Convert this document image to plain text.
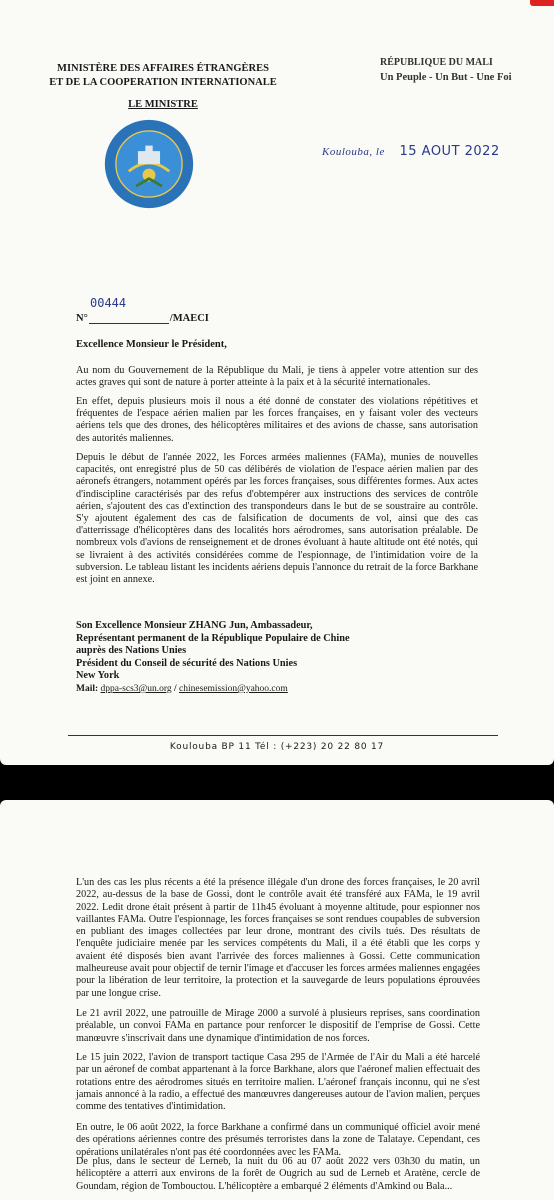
MINISTÈRE DES AFFAIRES ÉTRANGÈRES
ET DE LA COOPERATION INTERNATIONALE
LE MINISTRE
RÉPUBLIQUE DU MALI
Un Peuple - Un But - Une Foi
Koulouba, le 15 AOUT 2022
00444
N°	/MAECI
Excellence Monsieur le Président,
Au nom du Gouvernement de la République du Mali, je tiens à appeler votre attention sur des actes graves qui sont de nature à porter atteinte à la paix et à la sécurité internationales.
En effet, depuis plusieurs mois il nous a été donné de constater des violations répétitives et fréquentes de l'espace aérien malien par les forces françaises, en y faisant voler des vecteurs aériens tels que des drones, des hélicoptères militaires et des avions de chasse, sans autorisation des autorités maliennes.
Depuis le début de l'année 2022, les Forces armées maliennes (FAMa), munies de nouvelles capacités, ont enregistré plus de 50 cas délibérés de violation de l'espace aérien malien par des aéronefs étrangers, notamment opérés par les forces françaises, sous différentes formes. Aux actes d'indiscipline caractérisés par des refus d'obtempérer aux instructions des services de contrôle aérien, s'ajoutent des cas d'extinction des transpondeurs dans le but de se soustraire au contrôle. S'y ajoutent également des cas de falsification de documents de vol, ainsi que des cas d'atterrissage d'hélicoptères dans des localités hors aérodromes, sans autorisation préalable. De nombreux vols d'avions de renseignement et de drones évoluant à haute altitude ont été notés, qui se livraient à des activités considérées comme de l'espionnage, de l'intimidation voire de la subversion. Le tableau listant les incidents aériens depuis l'annonce du retrait de la force Barkhane est joint en annexe.
Son Excellence Monsieur ZHANG Jun, Ambassadeur,
Représentant permanent de la République Populaire de Chine
auprès des Nations Unies
Président du Conseil de sécurité des Nations Unies
New York
Mail: dppa-scs3@un.org / chinesemission@yahoo.com
Koulouba BP 11 Tél : (+223) 20 22 80 17
L'un des cas les plus récents a été la présence illégale d'un drone des forces françaises, le 20 avril 2022, au-dessus de la base de Gossi, dont le contrôle avait été transféré aux FAMa, le 19 avril 2022. Ledit drone était présent à partir de 11h45 évoluant à moyenne altitude, pour espionner nos vaillantes FAMa. Outre l'espionnage, les forces françaises se sont rendues coupables de subversion en publiant des images collectées par leur drone, montrant des civils tués. Des résultats de l'enquête judiciaire menée par les services compétents du Mali, il a été établi que les corps y avaient été disposés bien avant l'arrivée des forces maliennes à Gossi. Cette communication malheureuse avait pour objectif de ternir l'image et d'accuser les forces armées maliennes engagées pour la libération de leur territoire, la protection et la sauvegarde de leurs populations éprouvées par une longue crise.
Le 21 avril 2022, une patrouille de Mirage 2000 a survolé à plusieurs reprises, sans coordination préalable, un convoi FAMa en partance pour renforcer le dispositif de l'emprise de Gossi. Cette manœuvre s'inscrivait dans une dynamique d'intimidation de nos forces.
Le 15 juin 2022, l'avion de transport tactique Casa 295 de l'Armée de l'Air du Mali a été harcelé par un aéronef de combat appartenant à la force Barkhane, alors que l'aéronef malien effectuait des rotations entre des aérodromes situés en territoire malien. L'aéronef français inconnu, qui ne s'est jamais annoncé à la radio, a effectué des manœuvres dangereuses autour de l'avion malien, perçues comme des tentatives d'intimidation.
En outre, le 06 août 2022, la force Barkhane a confirmé dans un communiqué officiel avoir mené des opérations aériennes contre des présumés terroristes dans la zone de Talataye. Cependant, ces opérations unilatérales n'ont pas été coordonnées avec les FAMa.
De plus, dans le secteur de Lerneb, la nuit du 06 au 07 août 2022 vers 03h30 du matin, un hélicoptère a atterri aux environs de la forêt de Ougrich au sud de Lerneb et Aratène, cercle de Goundam, région de Tombouctou. L'hélicoptère a embarqué 2 éléments d'Amkind ou Bala...
